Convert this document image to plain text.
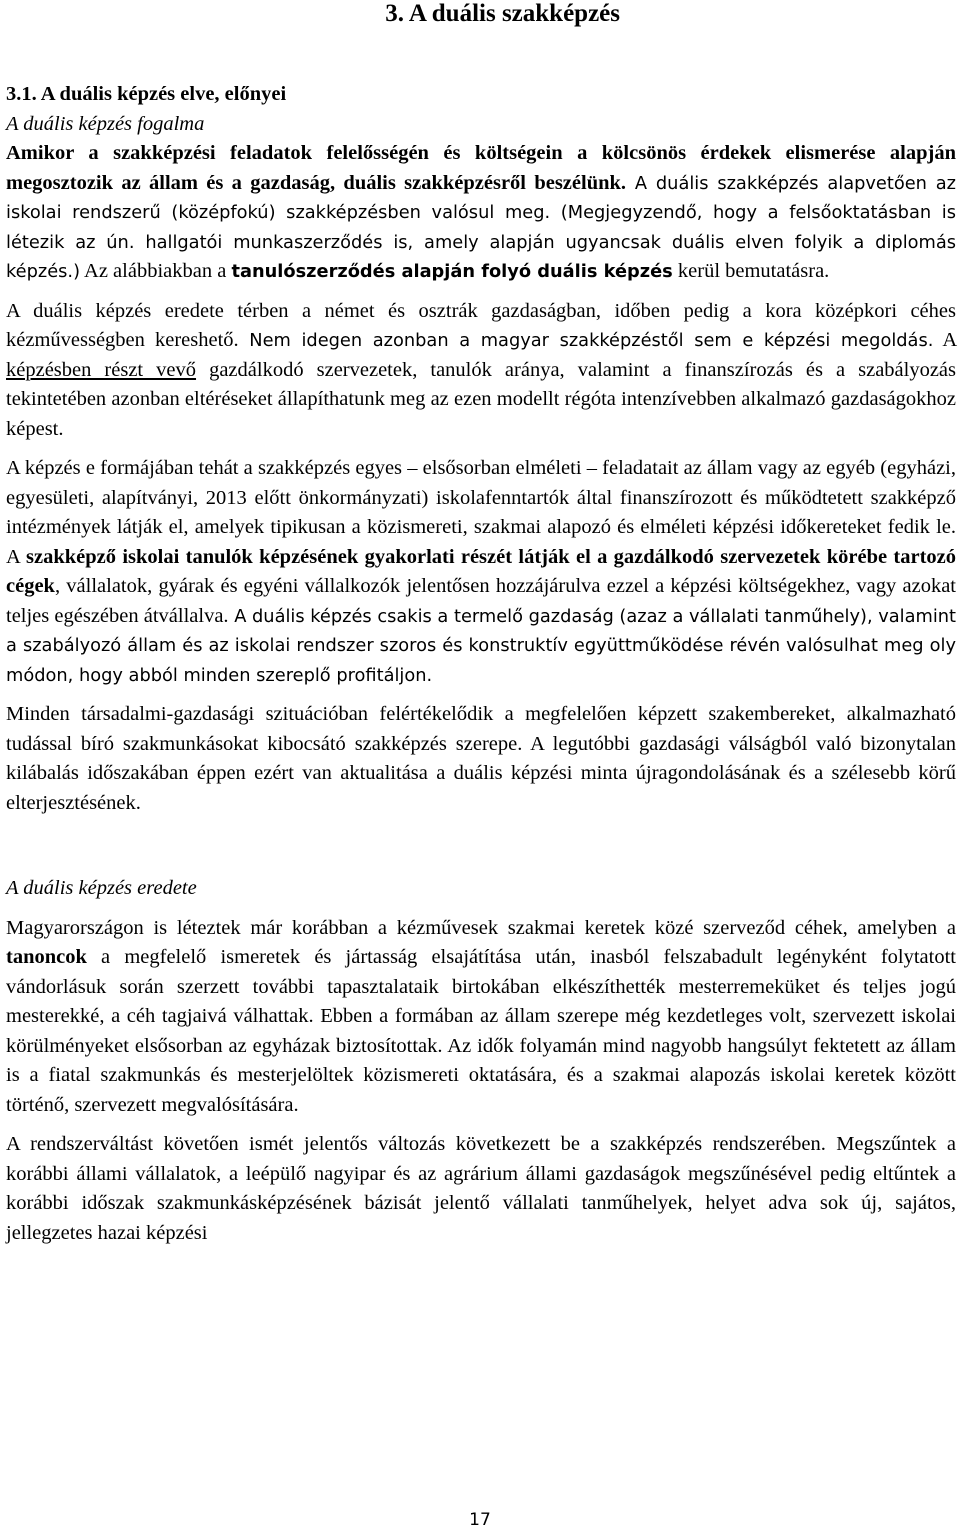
3. A duális szakképzés

3.1. A duális képzés elve, előnyei

A duális képzés fogalma

Amikor a szakképzési feladatok felelősségén és költségein a kölcsönös érdekek elismerése alapján megosztozik az állam és a gazdaság, duális szakképzésről beszélünk. A duális szakképzés alapvetően az iskolai rendszerű (középfokú) szakképzésben valósul meg. (Megjegyzendő, hogy a felsőoktatásban is létezik az ún. hallgatói munkaszerződés is, amely alapján ugyancsak duális elven folyik a diplomás képzés.) Az alábbiakban a tanulószerződés alapján folyó duális képzés kerül bemutatásra.

A duális képzés eredete térben a német és osztrák gazdaságban, időben pedig a kora középkori céhes kézművességben kereshető. Nem idegen azonban a magyar szakképzéstől sem e képzési megoldás. A képzésben részt vevő gazdálkodó szervezetek, tanulók aránya, valamint a finanszírozás és a szabályozás tekintetében azonban eltéréseket állapíthatunk meg az ezen modellt régóta intenzívebben alkalmazó gazdaságokhoz képest.

A képzés e formájában tehát a szakképzés egyes – elsősorban elméleti – feladatait az állam vagy az egyéb (egyházi, egyesületi, alapítványi, 2013 előtt önkormányzati) iskolafenntartók által finanszírozott és működtetett szakképző intézmények látják el, amelyek tipikusan a közismereti, szakmai alapozó és elméleti képzési időkereteket fedik le. A szakképző iskolai tanulók képzésének gyakorlati részét látják el a gazdálkodó szervezetek körébe tartozó cégek, vállalatok, gyárak és egyéni vállalkozók jelentősen hozzájárulva ezzel a képzési költségekhez, vagy azokat teljes egészében átvállalva. A duális képzés csakis a termelő gazdaság (azaz a vállalati tanműhely), valamint a szabályozó állam és az iskolai rendszer szoros és konstruktív együttműködése révén valósulhat meg oly módon, hogy abból minden szereplő profitáljon.

Minden társadalmi-gazdasági szituációban felértékelődik a megfelelően képzett szakembereket, alkalmazható tudással bíró szakmunkásokat kibocsátó szakképzés szerepe. A legutóbbi gazdasági válságból való bizonytalan kilábalás időszakában éppen ezért van aktualitása a duális képzési minta újragondolásának és a szélesebb körű elterjesztésének.

A duális képzés eredete

Magyarországon is léteztek már korábban a kézművesek szakmai keretek közé szerveződ céhek, amelyben a tanoncok a megfelelő ismeretek és jártasság elsajátítása után, inasból felszabadult legényként folytatott vándorlásuk során szerzett további tapasztalataik birtokában elkészíthették mesterremeküket és teljes jogú mesterekké, a céh tagjaivá válhattak. Ebben a formában az állam szerepe még kezdetleges volt, szervezett iskolai körülményeket elsősorban az egyházak biztosítottak. Az idők folyamán mind nagyobb hangsúlyt fektetett az állam is a fiatal szakmunkás és mesterjelöltek közismereti oktatására, és a szakmai alapozás iskolai keretek között történő, szervezett megvalósítására.

A rendszerváltást követően ismét jelentős változás következett be a szakképzés rendszerében. Megszűntek a korábbi állami vállalatok, a leépülő nagyipar és az agrárium állami gazdaságok megszűnésével pedig eltűntek a korábbi időszak szakmunkásképzésének bázisát jelentő vállalati tanműhelyek, helyet adva sok új, sajátos, jellegzetes hazai képzési

17
